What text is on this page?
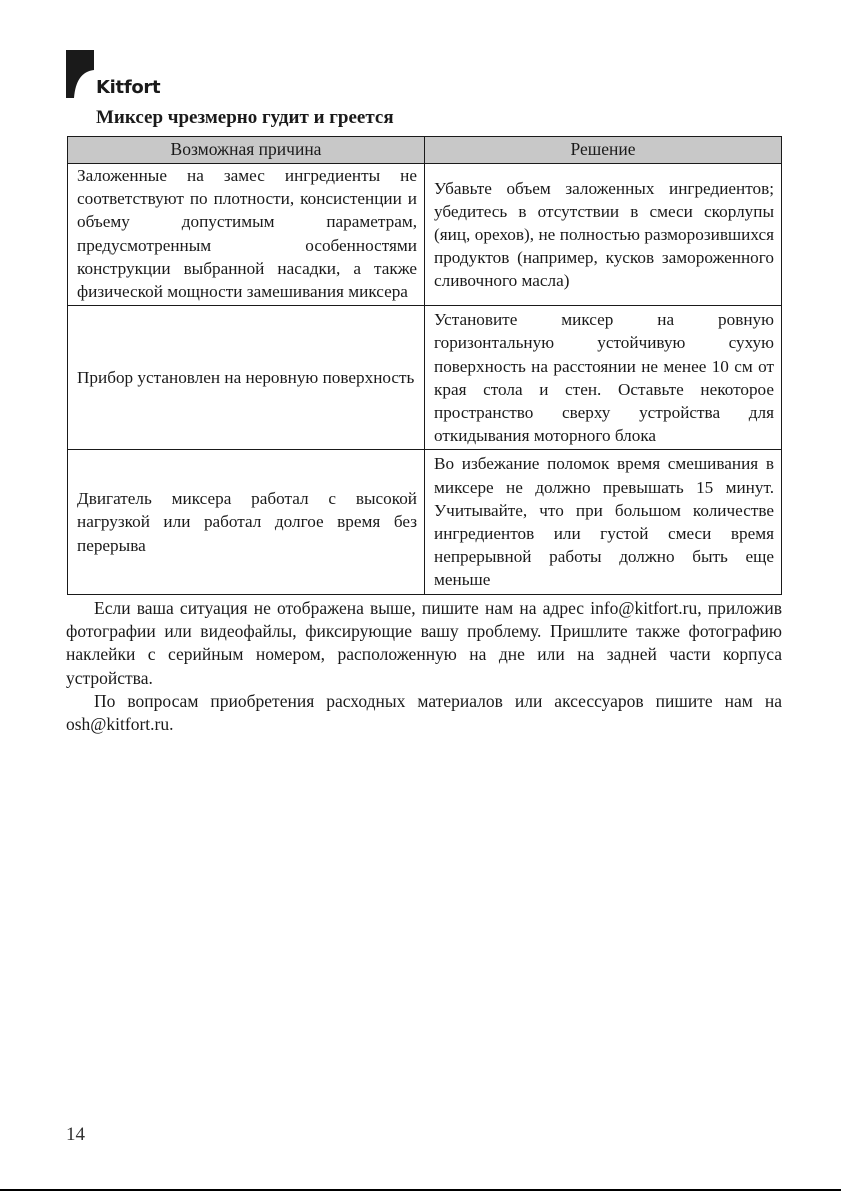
Kitfort
Миксер чрезмерно гудит и греется
Возможная причина	Решение
Заложенные на замес ингредиенты не соответствуют по плотности, консистенции и объему допустимым параметрам, предусмотренным особенностями конструкции выбранной насадки, а также физической мощности замешивания миксера	Убавьте объем заложенных ингредиентов; убедитесь в отсутствии в смеси скорлупы (яиц, орехов), не полностью разморозившихся продуктов (например, кусков замороженного сливочного масла)
Прибор установлен на неровную поверхность	Установите миксер на ровную горизонтальную устойчивую сухую поверхность на расстоянии не менее 10 см от края стола и стен. Оставьте некоторое пространство сверху устройства для откидывания моторного блока
Двигатель миксера работал с высокой нагрузкой или работал долгое время без перерыва	Во избежание поломок время смешивания в миксере не должно превышать 15 минут. Учитывайте, что при большом количестве ингредиентов или густой смеси время непрерывной работы должно быть еще меньше

Если ваша ситуация не отображена выше, пишите нам на адрес info@kitfort.ru, приложив фотографии или видеофайлы, фиксирующие вашу проблему. Пришлите также фотографию наклейки с серийным номером, расположенную на дне или на задней части корпуса устройства.

По вопросам приобретения расходных материалов или аксессуаров пишите нам на osh@kitfort.ru.

14
